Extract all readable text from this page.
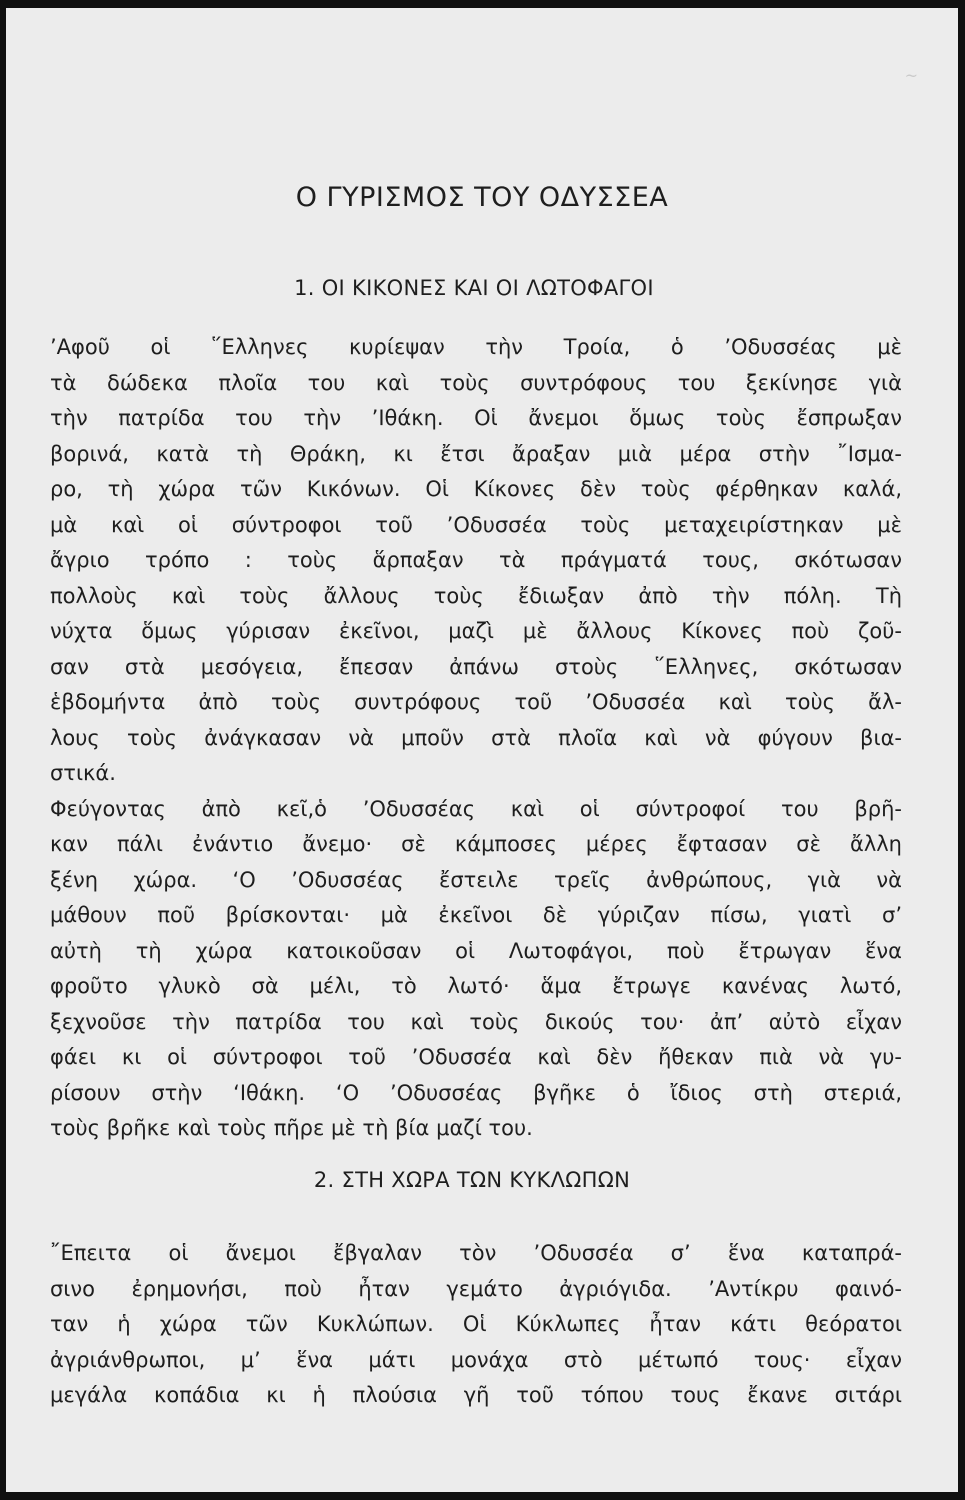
~
Ο ΓΥΡΙΣΜΟΣ ΤΟΥ ΟΔΥΣΣΕΑ
1. ΟΙ ΚΙΚΟΝΕΣ ΚΑΙ ΟΙ ΛΩΤΟΦΑΓΟΙ
’Αφοῦ οἱ ῞Ελληνες κυρίεψαν τὴν Τροία, ὁ ’Οδυσσέας μὲ
τὰ δώδεκα πλοῖα του καὶ τοὺς συντρόφους του ξεκίνησε γιὰ
τὴν πατρίδα του τὴν ’Ιθάκη. Οἱ ἄνεμοι ὅμως τοὺς ἔσπρωξαν
βορινά, κατὰ τὴ Θράκη, κι ἔτσι ἄραξαν μιὰ μέρα στὴν ῎Ισμα-
ρο, τὴ χώρα τῶν Κικόνων. Οἱ Κίκονες δὲν τοὺς φέρθηκαν καλά,
μὰ καὶ οἱ σύντροφοι τοῦ ’Οδυσσέα τοὺς μεταχειρίστηκαν μὲ
ἄγριο τρόπο : τοὺς ἅρπαξαν τὰ πράγματά τους, σκότωσαν
πολλοὺς καὶ τοὺς ἄλλους τοὺς ἔδιωξαν ἀπὸ τὴν πόλη. Τὴ
νύχτα ὅμως γύρισαν ἐκεῖνοι, μαζὶ μὲ ἄλλους Κίκονες ποὺ ζοῦ-
σαν στὰ μεσόγεια, ἔπεσαν ἀπάνω στοὺς ῞Ελληνες, σκότωσαν
ἑβδομήντα ἀπὸ τοὺς συντρόφους τοῦ ’Οδυσσέα καὶ τοὺς ἄλ-
λους τοὺς ἀνάγκασαν νὰ μποῦν στὰ πλοῖα καὶ νὰ φύγουν βια-
στικά.
Φεύγοντας ἀπὸ κεῖ,ὁ ’Οδυσσέας καὶ οἱ σύντροφοί του βρῆ-
καν πάλι ἐνάντιο ἄνεμο· σὲ κάμποσες μέρες ἔφτασαν σὲ ἄλλη
ξένη χώρα. ‘Ο ’Οδυσσέας ἔστειλε τρεῖς ἀνθρώπους, γιὰ νὰ
μάθουν ποῦ βρίσκονται· μὰ ἐκεῖνοι δὲ γύριζαν πίσω, γιατὶ σ’
αὐτὴ τὴ χώρα κατοικοῦσαν οἱ Λωτοφάγοι, ποὺ ἔτρωγαν ἕνα
φροῦτο γλυκὸ σὰ μέλι, τὸ λωτό· ἅμα ἔτρωγε κανένας λωτό,
ξεχνοῦσε τὴν πατρίδα του καὶ τοὺς δικούς του· ἀπ’ αὐτὸ εἶχαν
φάει κι οἱ σύντροφοι τοῦ ’Οδυσσέα καὶ δὲν ἤθεκαν πιὰ νὰ γυ-
ρίσουν στὴν ‘Ιθάκη. ‘Ο ’Οδυσσέας βγῆκε ὁ ἴδιος στὴ στεριά,
τοὺς βρῆκε καὶ τοὺς πῆρε μὲ τὴ βία μαζί του.
2. ΣΤΗ ΧΩΡΑ ΤΩΝ ΚΥΚΛΩΠΩΝ
῎Επειτα οἱ ἄνεμοι ἔβγαλαν τὸν ’Οδυσσέα σ’ ἕνα καταπρά-
σινο ἐρημονήσι, ποὺ ἦταν γεμάτο ἀγριόγιδα. ’Αντίκρυ φαινό-
ταν ἡ χώρα τῶν Κυκλώπων. Οἱ Κύκλωπες ἦταν κάτι θεόρατοι
ἀγριάνθρωποι, μ’ ἕνα μάτι μονάχα στὸ μέτωπό τους· εἶχαν
μεγάλα κοπάδια κι ἡ πλούσια γῆ τοῦ τόπου τους ἔκανε σιτάρι
